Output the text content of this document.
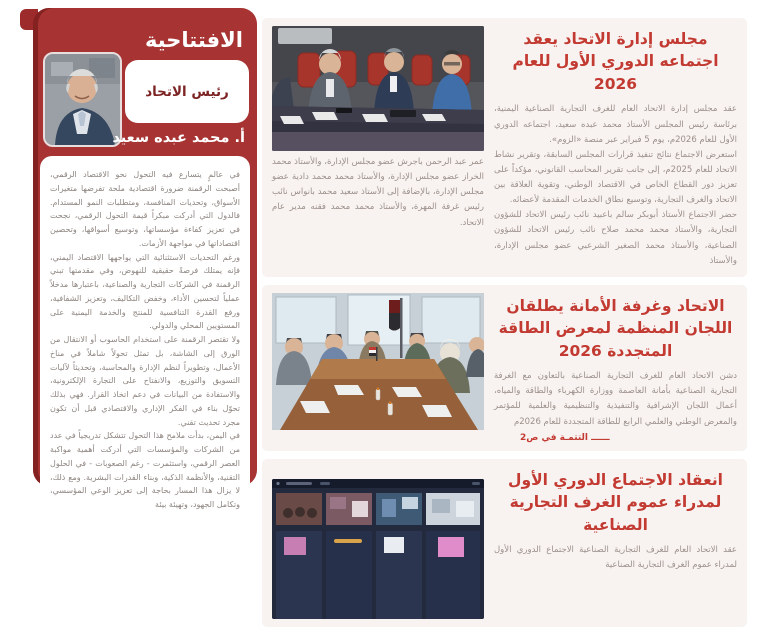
الافتتاحية
رئيس الاتحاد
أ. محمد عبده سعيد

في عالمٍ يتسارع فيه التحول نحو الاقتصاد الرقمي، أصبحت الرقمنة ضرورة اقتصادية ملحة تفرضها متغيرات الأسواق، وتحديات المنافسة، ومتطلبات النمو المستدام. فالدول التي أدركت مبكراً قيمة التحول الرقمي، نجحت في تعزيز كفاءة مؤسساتها، وتوسيع أسواقها، وتحصين اقتصاداتها في مواجهة الأزمات.

ورغم التحديات الاستثنائية التي يواجهها الاقتصاد اليمني، فإنه يمتلك فرصةً حقيقية للنهوض، وفي مقدمتها تبني الرقمنة في الشركات التجارية والصناعية، باعتبارها مدخلاً عملياً لتحسين الأداء، وخفض التكاليف، وتعزيز الشفافية، ورفع القدرة التنافسية للمنتج والخدمة اليمنية على المستويين المحلي والدولي.

ولا تقتصر الرقمنة على استخدام الحاسوب أو الانتقال من الورق إلى الشاشة، بل تمثل تحولاً شاملاً في مناخ الأعمال، وتطويراً لنظم الإدارة والمحاسبة، وتحديثاً لآليات التسويق والتوزيع، والانفتاح على التجارة الإلكترونية، والاستفادة من البيانات في دعم اتخاذ القرار. فهي بذلك تحوّل بناء في الفكر الإداري والاقتصادي قبل أن تكون مجرد تحديث تقني.

في اليمن، بدأت ملامح هذا التحول تتشكل تدريجياً في عدد من الشركات والمؤسسات التي أدركت أهمية مواكبة العصر الرقمي، واستثمرت - رغم الصعوبات - في الحلول التقنية، والأنظمة الذكية، وبناء القدرات البشرية. ومع ذلك، لا يزال هذا المسار بحاجة إلى تعزيز الوعي المؤسسي، وتكامل الجهود، وتهيئة بيئة

مجلس إدارة الاتحاد يعقد اجتماعه الدوري الأول للعام 2026

عقد مجلس إدارة الاتحاد العام للغرف التجارية الصناعية اليمنية، برئاسة رئيس المجلس الأستاذ محمد عبده سعيد، اجتماعه الدوري الأول للعام 2026م، يوم 5 فبراير عبر منصة «الزوم».

استعرض الاجتماع نتائج تنفيذ قرارات المجلس السابقة، وتقرير نشاط الاتحاد للعام 2025م، إلى جانب تقرير المحاسب القانوني، مؤكداً على تعزيز دور القطاع الخاص في الاقتصاد الوطني، وتقوية العلاقة بين الاتحاد والغرف التجارية، وتوسيع نطاق الخدمات المقدمة لأعضائه.

حضر الاجتماع الأستاذ أبوبكر سالم باعبيد نائب رئيس الاتحاد للشؤون التجارية، والأستاذ محمد محمد صلاح نائب رئيس الاتحاد للشؤون الصناعية، والأستاذ محمد الصغير الشرعبي عضو مجلس الإدارة، والأستاذ

عمر عبد الرحمن باجرش عضو مجلس الإدارة، والأستاذ محمد الخراز عضو مجلس الإدارة، والأستاذ محمد محمد دادية عضو مجلس الإدارة، بالإضافة إلى الأستاذ سعيد محمد بانواس نائب رئيس غرفة المهرة، والأستاذ محمد محمد فقنه مدير عام الاتحاد.

الاتحاد وغرفة الأمانة يطلقان اللجان المنظمة لمعرض الطاقة المتجددة 2026

دشن الاتحاد العام للغرف التجارية الصناعية بالتعاون مع الغرفة التجارية الصناعية بأمانة العاصمة ووزارة الكهرباء والطاقة والمياه، أعمال اللجان الإشرافية والتنفيذية والتنظيمية والعلمية للمؤتمر والمعرض الوطني والعلمي الرابع للطاقة المتجددة للعام 2026م

ــــــ التتمـة في ص2
انعقاد الاجتماع الدوري الأول لمدراء عموم الغرف التجارية الصناعية

عقد الاتحاد العام للغرف التجارية الصناعية الاجتماع الدوري الأول لمدراء عموم الغرف التجارية الصناعية
